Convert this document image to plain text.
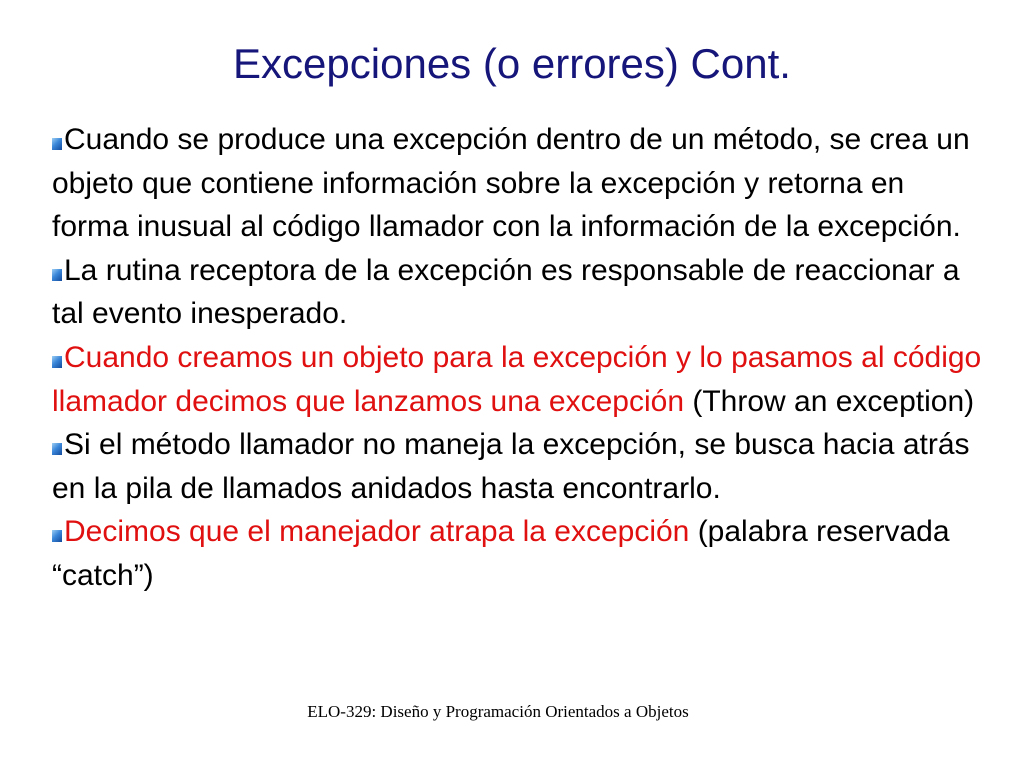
Excepciones (o errores) Cont.
Cuando se produce una excepción dentro de un método, se crea un objeto que contiene información sobre la excepción y retorna en forma inusual al código llamador con la información de la excepción.
La rutina receptora de la excepción es responsable de reaccionar a tal evento inesperado.
Cuando creamos un objeto para la excepción y lo pasamos al código llamador decimos que lanzamos una excepción (Throw an exception)
Si el método llamador no maneja la excepción, se busca hacia atrás en la pila de llamados anidados hasta encontrarlo.
Decimos que el manejador atrapa la excepción (palabra reservada “catch”)
ELO-329: Diseño y Programación Orientados a Objetos
